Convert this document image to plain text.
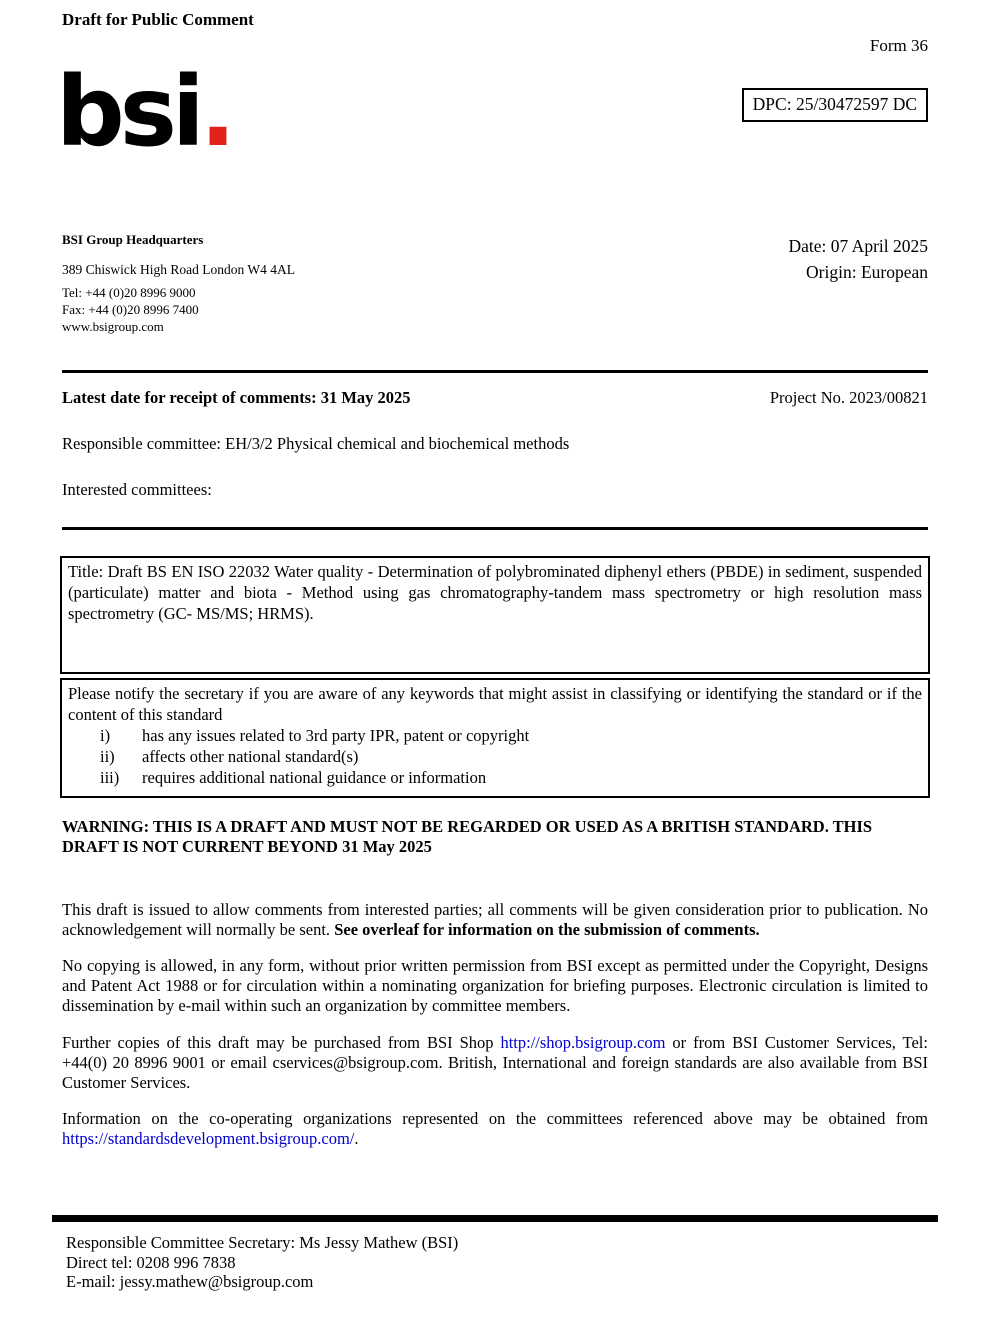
Draft for Public Comment
Form 36
DPC: 25/30472597 DC
bsi.
BSI Group Headquarters
389 Chiswick High Road London W4 4AL
Tel: +44 (0)20 8996 9000
Fax: +44 (0)20 8996 7400
www.bsigroup.com
Date: 07 April 2025
Origin: European
Latest date for receipt of comments: 31 May 2025	Project No. 2023/00821
Responsible committee: EH/3/2 Physical chemical and biochemical methods
Interested committees:
Title: Draft BS EN ISO 22032 Water quality - Determination of polybrominated diphenyl ethers (PBDE) in sediment, suspended (particulate) matter and biota - Method using gas chromatography-tandem mass spectrometry or high resolution mass spectrometry (GC- MS/MS; HRMS).
Please notify the secretary if you are aware of any keywords that might assist in classifying or identifying the standard or if the content of this standard
i)	has any issues related to 3rd party IPR, patent or copyright
ii)	affects other national standard(s)
iii)	requires additional national guidance or information
WARNING: THIS IS A DRAFT AND MUST NOT BE REGARDED OR USED AS A BRITISH STANDARD. THIS DRAFT IS NOT CURRENT BEYOND 31 May 2025

This draft is issued to allow comments from interested parties; all comments will be given consideration prior to publication. No acknowledgement will normally be sent. See overleaf for information on the submission of comments.

No copying is allowed, in any form, without prior written permission from BSI except as permitted under the Copyright, Designs and Patent Act 1988 or for circulation within a nominating organization for briefing purposes. Electronic circulation is limited to dissemination by e-mail within such an organization by committee members.

Further copies of this draft may be purchased from BSI Shop http://shop.bsigroup.com or from BSI Customer Services, Tel: +44(0) 20 8996 9001 or email cservices@bsigroup.com. British, International and foreign standards are also available from BSI Customer Services.

Information on the co-operating organizations represented on the committees referenced above may be obtained from https://standardsdevelopment.bsigroup.com/.

Responsible Committee Secretary: Ms Jessy Mathew (BSI)
Direct tel: 0208 996 7838
E-mail: jessy.mathew@bsigroup.com
